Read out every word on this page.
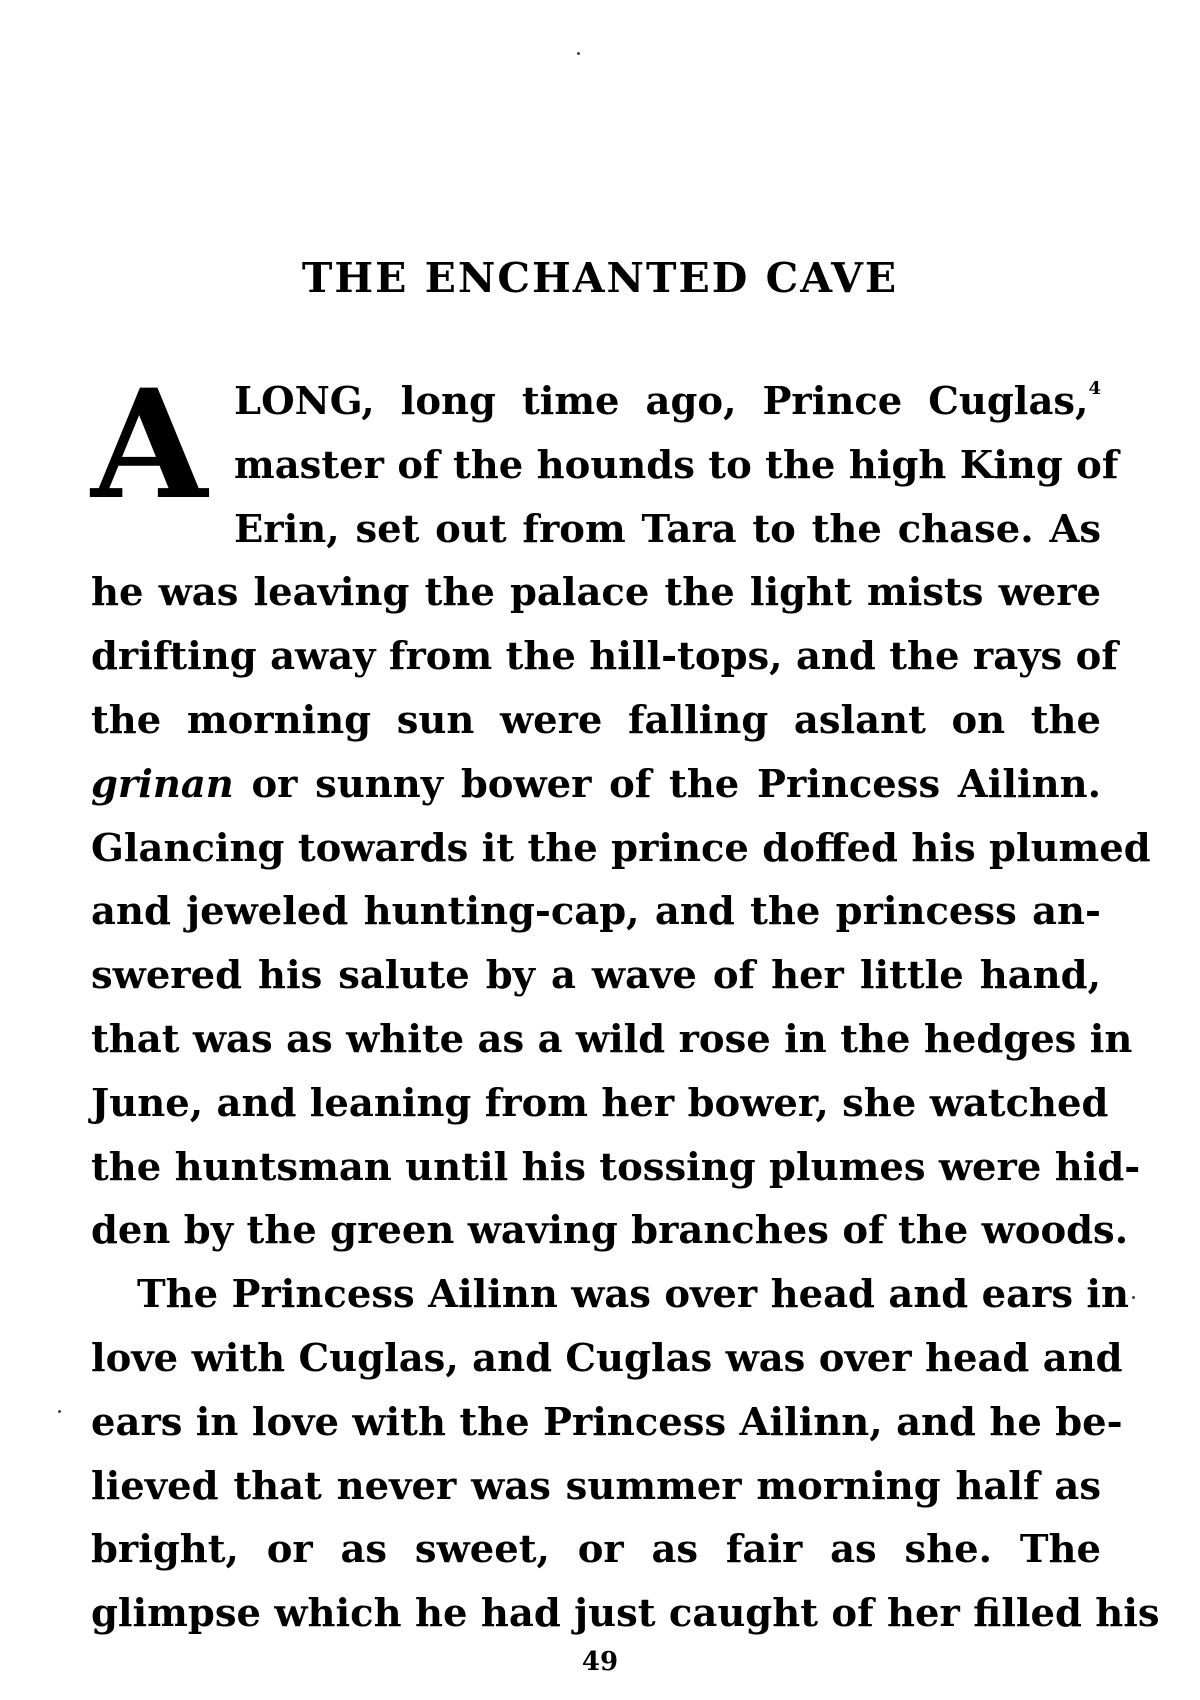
THE ENCHANTED CAVE
A LONG, long time ago, Prince Cuglas,$^4$
master of the hounds to the high King of
Erin, set out from Tara to the chase. As
he was leaving the palace the light mists were
drifting away from the hill-tops, and the rays of
the morning sun were falling aslant on the
grinan or sunny bower of the Princess Ailinn.
Glancing towards it the prince doffed his plumed
and jeweled hunting-cap, and the princess an-
swered his salute by a wave of her little hand,
that was as white as a wild rose in the hedges in
June, and leaning from her bower, she watched
the huntsman until his tossing plumes were hid-
den by the green waving branches of the woods.
The Princess Ailinn was over head and ears in
love with Cuglas, and Cuglas was over head and
ears in love with the Princess Ailinn, and he be-
lieved that never was summer morning half as
bright, or as sweet, or as fair as she. The
glimpse which he had just caught of her filled his
49
